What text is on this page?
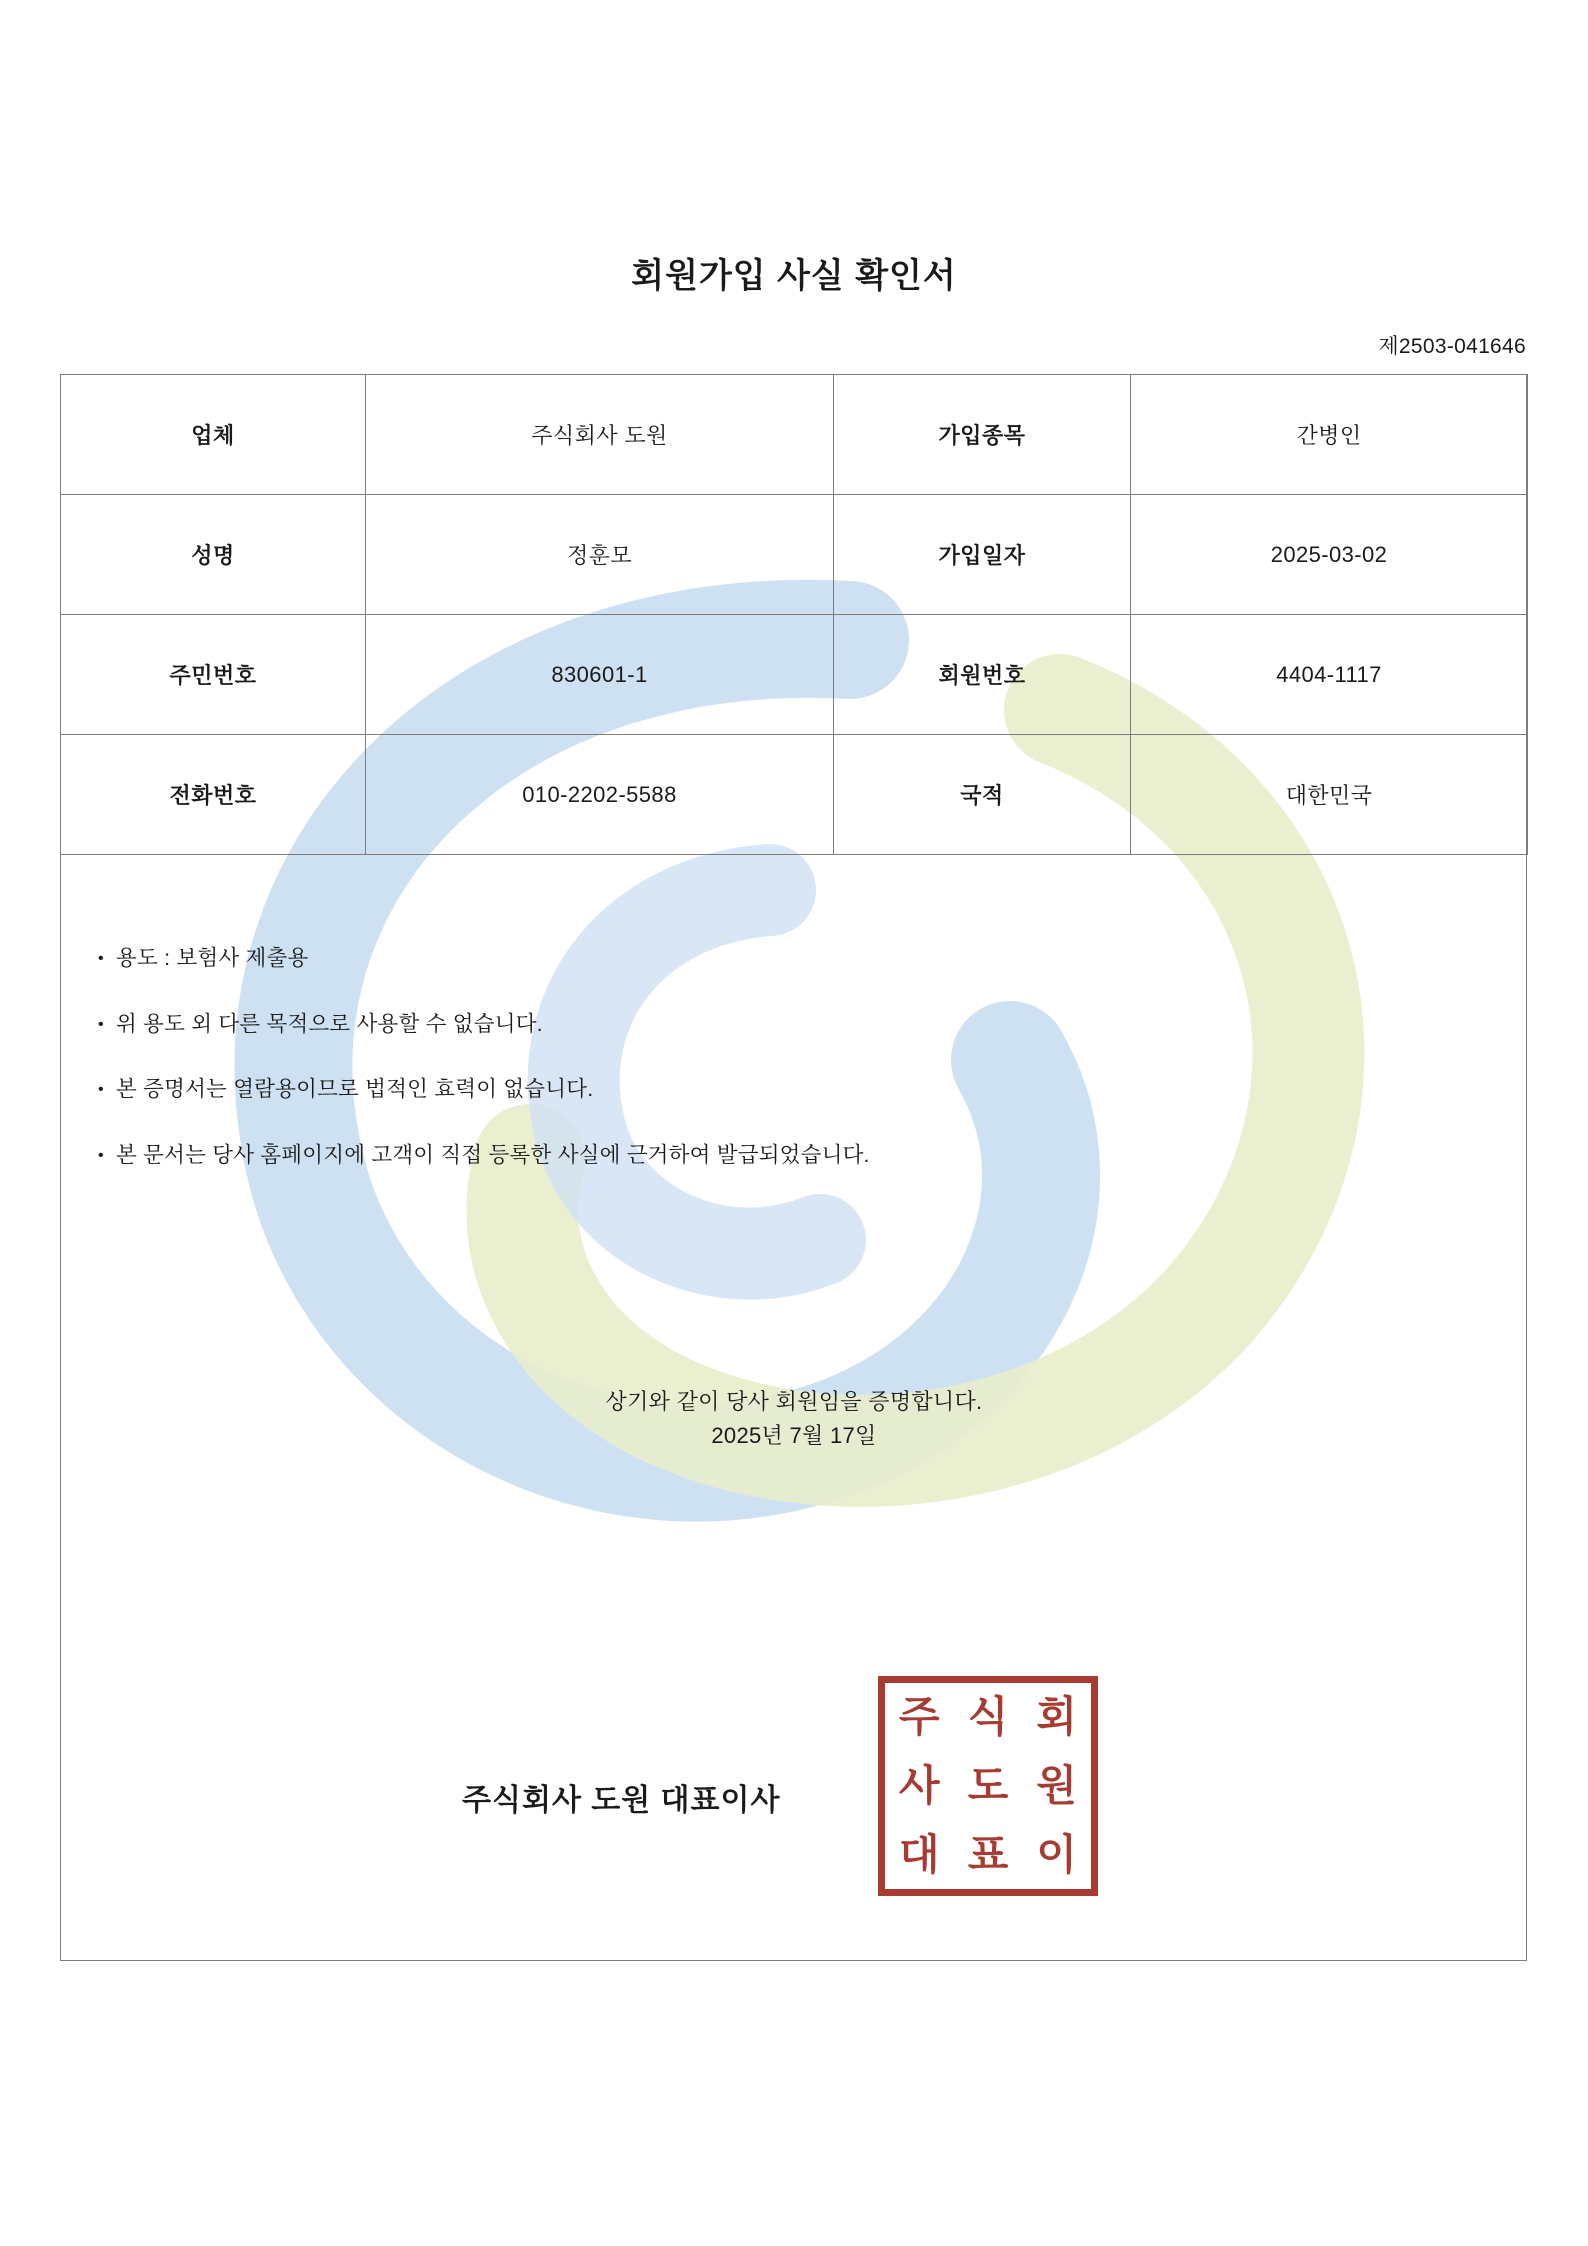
회원가입 사실 확인서
제2503-041646
업체	주식회사 도원	가입종목	간병인
성명	정훈모	가입일자	2025-03-02
주민번호	830601-1	회원번호	4404-1117
전화번호	010-2202-5588	국적	대한민국
• 용도 : 보험사 제출용
• 위 용도 외 다른 목적으로 사용할 수 없습니다.
• 본 증명서는 열람용이므로 법적인 효력이 없습니다.
• 본 문서는 당사 홈페이지에 고객이 직접 등록한 사실에 근거하여 발급되었습니다.
상기와 같이 당사 회원임을 증명합니다.
2025년 7월 17일
주식회사 도원 대표이사
주 식 회
사 도 원
대 표 이
